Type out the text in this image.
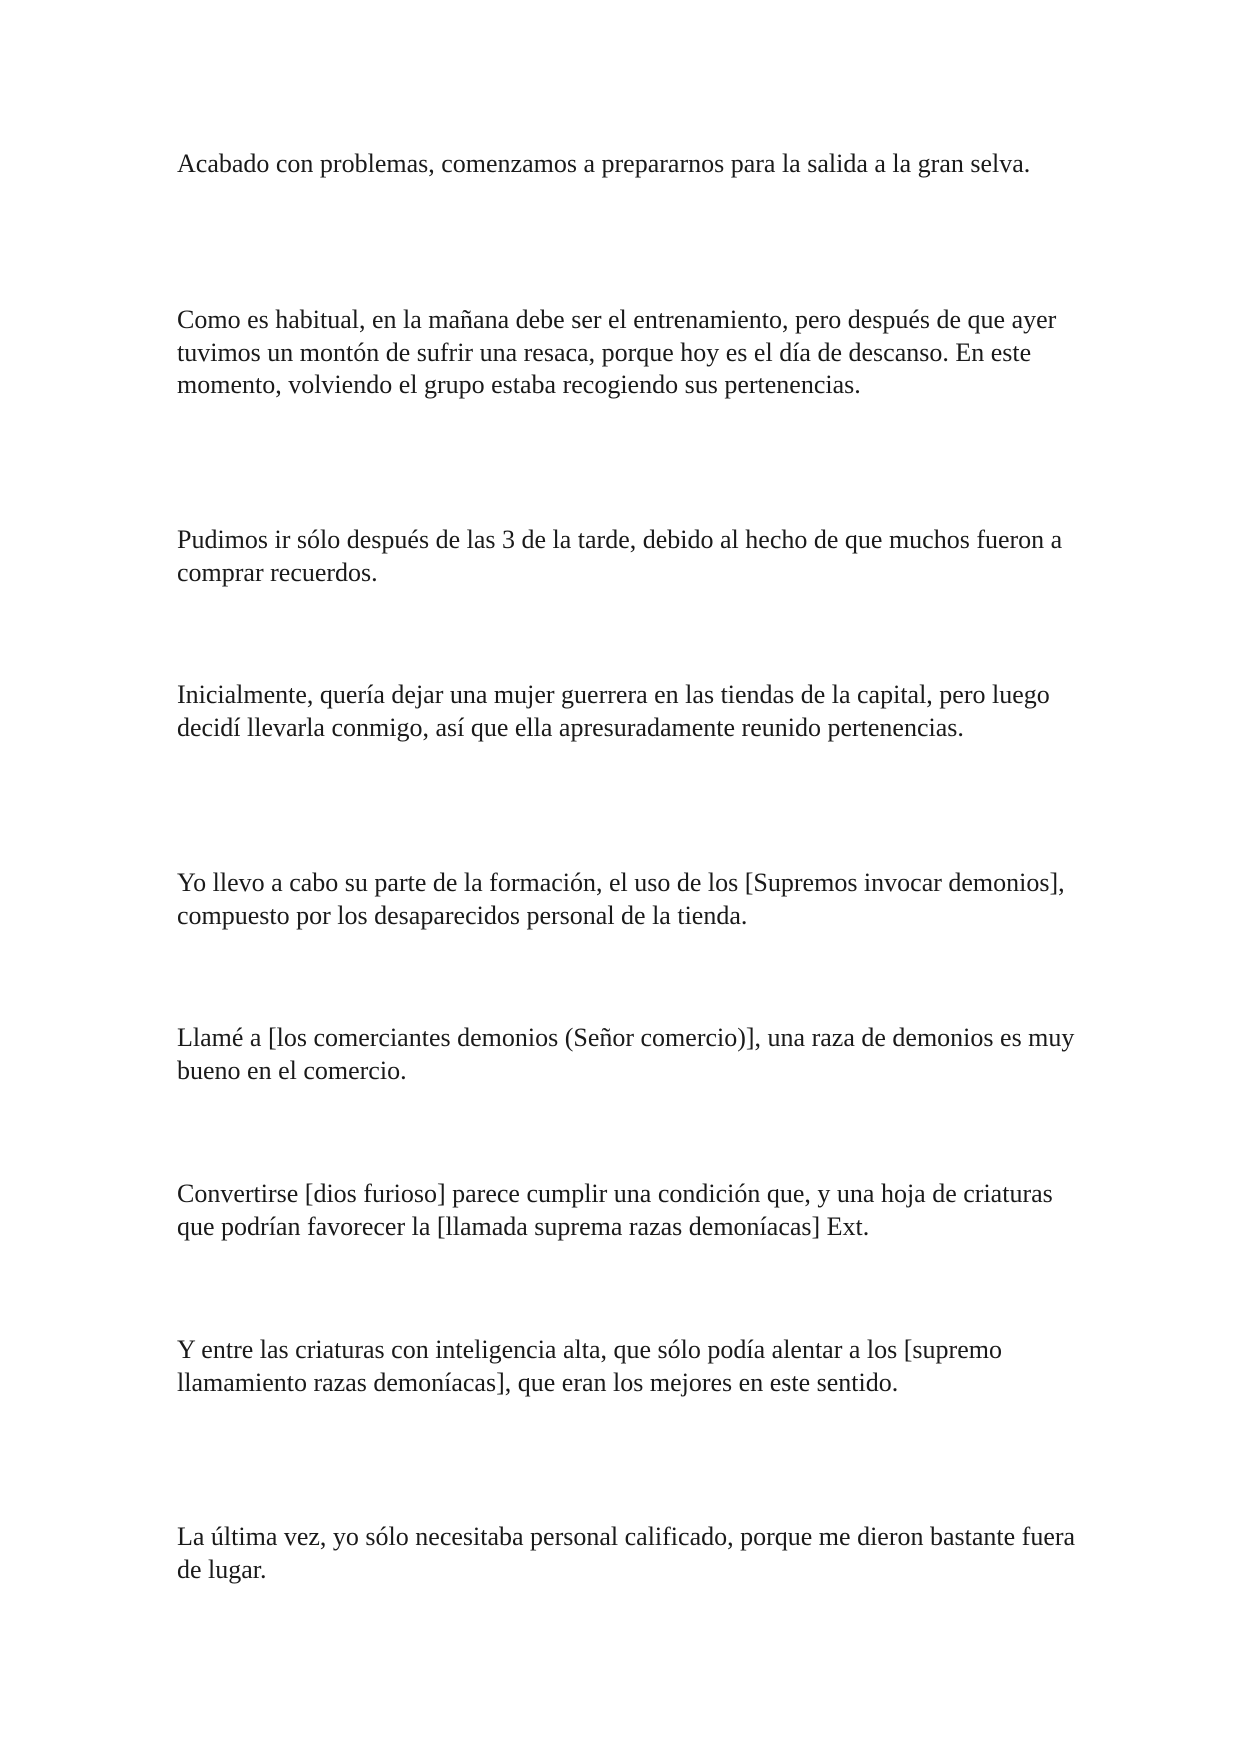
Acabado con problemas, comenzamos a prepararnos para la salida a la gran selva.

Como es habitual, en la mañana debe ser el entrenamiento, pero después de que ayer tuvimos un montón de sufrir una resaca, porque hoy es el día de descanso. En este momento, volviendo el grupo estaba recogiendo sus pertenencias.

Pudimos ir sólo después de las 3 de la tarde, debido al hecho de que muchos fueron a comprar recuerdos.

Inicialmente, quería dejar una mujer guerrera en las tiendas de la capital, pero luego decidí llevarla conmigo, así que ella apresuradamente reunido pertenencias.

Yo llevo a cabo su parte de la formación, el uso de los [Supremos invocar demonios], compuesto por los desaparecidos personal de la tienda.

Llamé a [los comerciantes demonios (Señor comercio)], una raza de demonios es muy bueno en el comercio.

Convertirse [dios furioso] parece cumplir una condición que, y una hoja de criaturas que podrían favorecer la [llamada suprema razas demoníacas] Ext.

Y entre las criaturas con inteligencia alta, que sólo podía alentar a los [supremo llamamiento razas demoníacas], que eran los mejores en este sentido.

La última vez, yo sólo necesitaba personal calificado, porque me dieron bastante fuera de lugar.
